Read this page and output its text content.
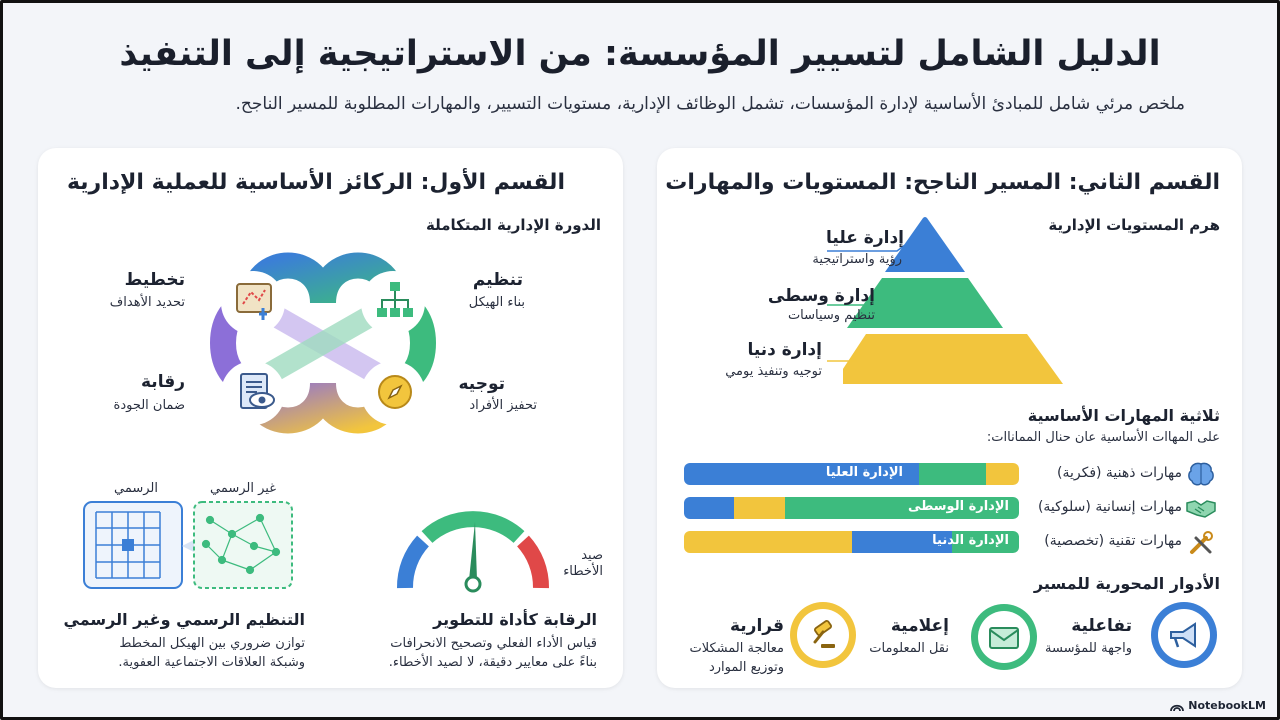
الدليل الشامل لتسيير المؤسسة: من الاستراتيجية إلى التنفيذ
ملخص مرئي شامل للمبادئ الأساسية لإدارة المؤسسات، تشمل الوظائف الإدارية، مستويات التسيير، والمهارات المطلوبة للمسير الناجح.
القسم الأول: الركائز الأساسية للعملية الإدارية
الدورة الإدارية المتكاملة
تخطيط
تحديد الأهداف
تنظيم
بناء الهيكل
رقابة
ضمان الجودة
توجيه
تحفيز الأفراد
الرسمي	غير الرسمي
صيد الأخطاء
التنظيم الرسمي وغير الرسمي
توازن ضروري بين الهيكل المخطط
وشبكة العلاقات الاجتماعية العفوية.
الرقابة كأداة للتطوير
قياس الأداء الفعلي وتصحيح الانحرافات
بناءً على معايير دقيقة، لا لصيد الأخطاء.
القسم الثاني: المسير الناجح: المستويات والمهارات
هرم المستويات الإدارية
إدارة عليا
رؤية واستراتيجية
إدارة وسطى
تنظيم وسياسات
إدارة دنيا
توجيه وتنفيذ يومي
ثلاثية المهارات الأساسية
على المهاات الأساسية عان حنال المماناات:
الإدارة العليا	مهارات ذهنية (فكرية)
الإدارة الوسطى مهارات إنسانية (سلوكية)
الإدارة الدنيا	مهارات تقنية (تخصصية)
الأدوار المحورية للمسير
تفاعلية
واجهة للمؤسسة
إعلامية
نقل المعلومات
قرارية
معالجة المشكلات
وتوزيع الموارد
NotebookLM
